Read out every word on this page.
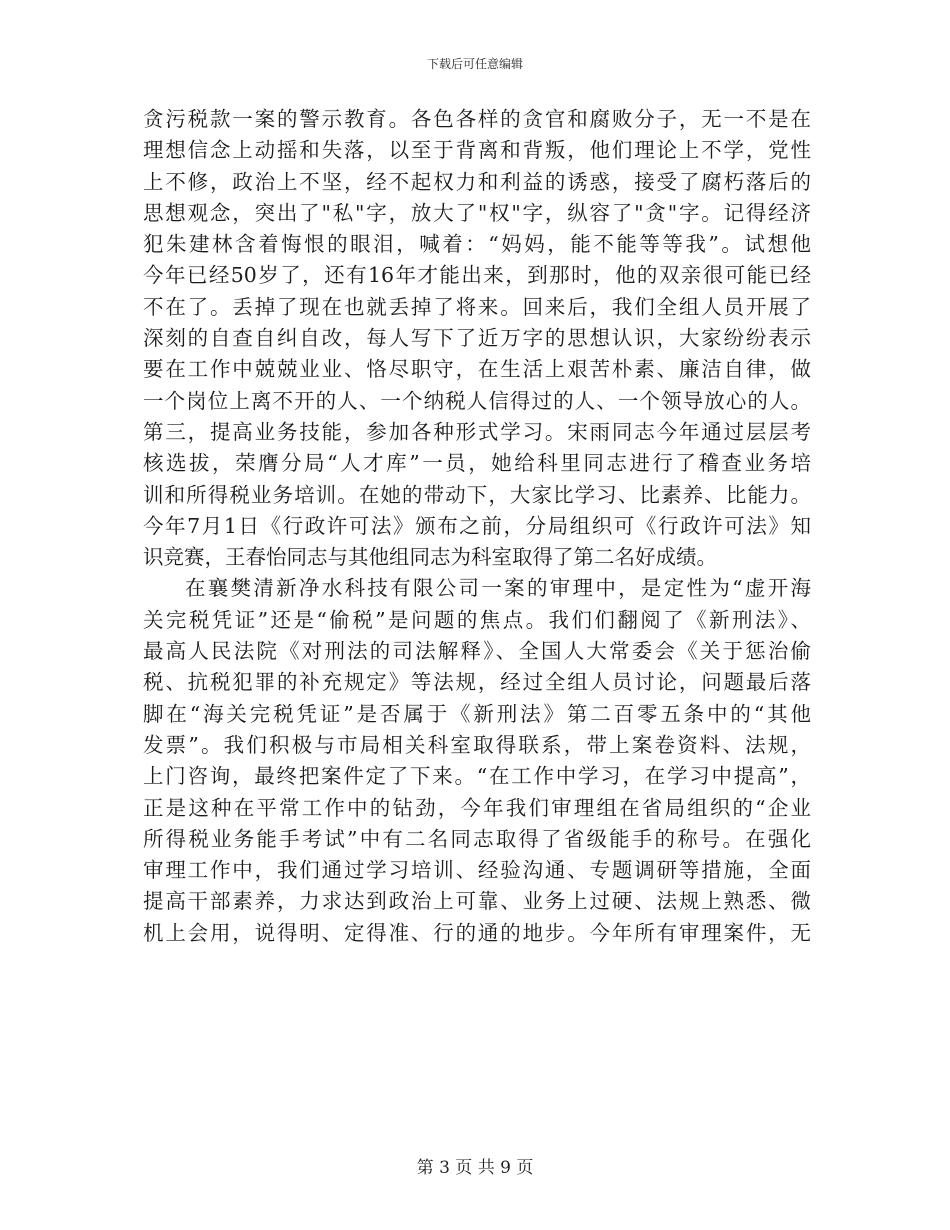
下载后可任意编辑
贪污税款一案的警示教育。各色各样的贪官和腐败分子，无一不是在
理想信念上动摇和失落，以至于背离和背叛，他们理论上不学，党性
上不修，政治上不坚，经不起权力和利益的诱惑，接受了腐朽落后的
思想观念，突出了"私"字，放大了"权"字，纵容了"贪"字。记得经济
犯朱建林含着悔恨的眼泪，喊着：“妈妈，能不能等等我”。试想他
今年已经50岁了，还有16年才能出来，到那时，他的双亲很可能已经
不在了。丢掉了现在也就丢掉了将来。回来后，我们全组人员开展了
深刻的自查自纠自改，每人写下了近万字的思想认识，大家纷纷表示
要在工作中兢兢业业、恪尽职守，在生活上艰苦朴素、廉洁自律，做
一个岗位上离不开的人、一个纳税人信得过的人、一个领导放心的人。
第三，提高业务技能，参加各种形式学习。宋雨同志今年通过层层考
核选拔，荣膺分局“人才库”一员，她给科里同志进行了稽查业务培
训和所得税业务培训。在她的带动下，大家比学习、比素养、比能力。
今年7月1日《行政许可法》颁布之前，分局组织可《行政许可法》知
识竞赛，王春怡同志与其他组同志为科室取得了第二名好成绩。
在襄樊清新净水科技有限公司一案的审理中，是定性为“虚开海
关完税凭证”还是“偷税”是问题的焦点。我们们翻阅了《新刑法》、
最高人民法院《对刑法的司法解释》、全国人大常委会《关于惩治偷
税、抗税犯罪的补充规定》等法规，经过全组人员讨论，问题最后落
脚在“海关完税凭证”是否属于《新刑法》第二百零五条中的“其他
发票”。我们积极与市局相关科室取得联系，带上案卷资料、法规，
上门咨询，最终把案件定了下来。“在工作中学习，在学习中提高”，
正是这种在平常工作中的钻劲，今年我们审理组在省局组织的“企业
所得税业务能手考试”中有二名同志取得了省级能手的称号。在强化
审理工作中，我们通过学习培训、经验沟通、专题调研等措施，全面
提高干部素养，力求达到政治上可靠、业务上过硬、法规上熟悉、微
机上会用，说得明、定得准、行的通的地步。今年所有审理案件，无
第 3 页 共 9 页
